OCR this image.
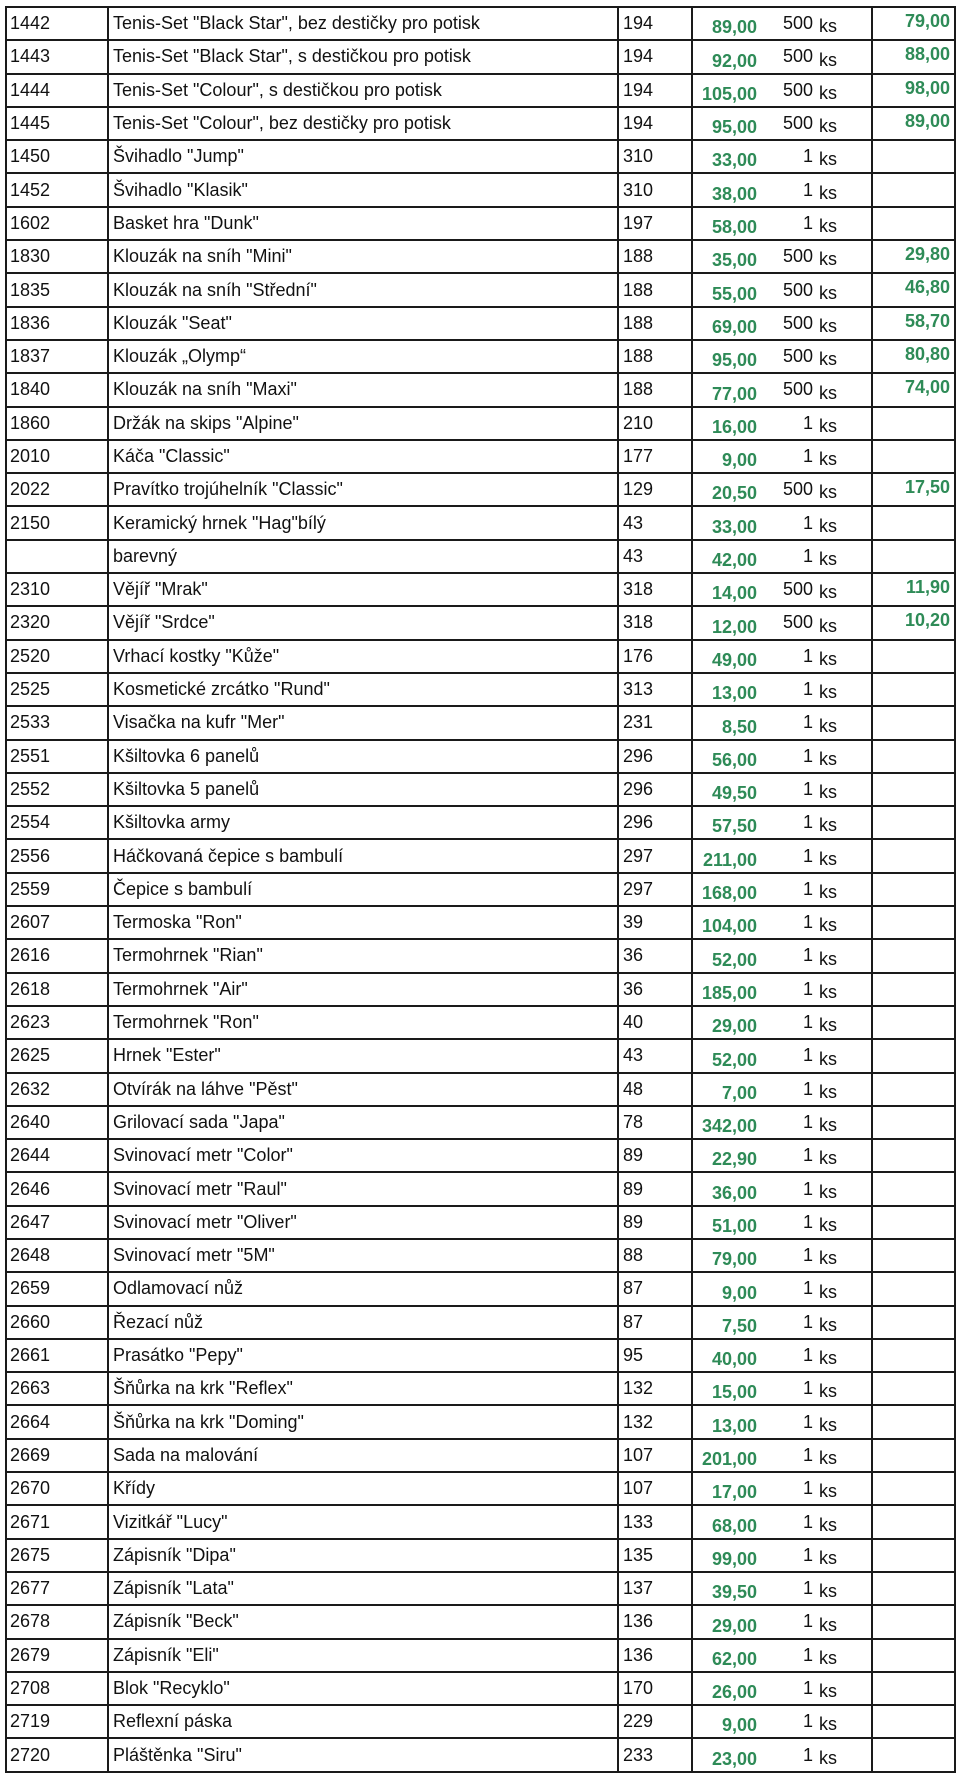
1442	Tenis-Set "Black Star", bez destičky pro potisk	194	89,00	500	ks	79,00
1443	Tenis-Set "Black Star", s destičkou pro potisk	194	92,00	500	ks	88,00
1444	Tenis-Set "Colour", s destičkou pro potisk	194	105,00	500	ks	98,00
1445	Tenis-Set "Colour", bez destičky pro potisk	194	95,00	500	ks	89,00
1450	Švihadlo "Jump"	310	33,00	1	ks	
1452	Švihadlo "Klasik"	310	38,00	1	ks	
1602	Basket hra "Dunk"	197	58,00	1	ks	
1830	Klouzák na sníh "Mini"	188	35,00	500	ks	29,80
1835	Klouzák na sníh "Střední"	188	55,00	500	ks	46,80
1836	Klouzák "Seat"	188	69,00	500	ks	58,70
1837	Klouzák „Olymp“	188	95,00	500	ks	80,80
1840	Klouzák na sníh "Maxi"	188	77,00	500	ks	74,00
1860	Držák na skips "Alpine"	210	16,00	1	ks	
2010	Káča "Classic"	177	9,00	1	ks	
2022	Pravítko trojúhelník "Classic"	129	20,50	500	ks	17,50
2150	Keramický hrnek "Hag"bílý	43	33,00	1	ks	
	barevný	43	42,00	1	ks	
2310	Vějíř "Mrak"	318	14,00	500	ks	11,90
2320	Vějíř "Srdce"	318	12,00	500	ks	10,20
2520	Vrhací kostky "Kůže"	176	49,00	1	ks	
2525	Kosmetické zrcátko "Rund"	313	13,00	1	ks	
2533	Visačka na kufr "Mer"	231	8,50	1	ks	
2551	Kšiltovka 6 panelů	296	56,00	1	ks	
2552	Kšiltovka 5 panelů	296	49,50	1	ks	
2554	Kšiltovka army	296	57,50	1	ks	
2556	Háčkovaná čepice s bambulí	297	211,00	1	ks	
2559	Čepice s bambulí	297	168,00	1	ks	
2607	Termoska "Ron"	39	104,00	1	ks	
2616	Termohrnek "Rian"	36	52,00	1	ks	
2618	Termohrnek "Air"	36	185,00	1	ks	
2623	Termohrnek "Ron"	40	29,00	1	ks	
2625	Hrnek "Ester"	43	52,00	1	ks	
2632	Otvírák na láhve "Pěst"	48	7,00	1	ks	
2640	Grilovací sada "Japa"	78	342,00	1	ks	
2644	Svinovací metr "Color"	89	22,90	1	ks	
2646	Svinovací metr "Raul"	89	36,00	1	ks	
2647	Svinovací metr "Oliver"	89	51,00	1	ks	
2648	Svinovací metr "5M"	88	79,00	1	ks	
2659	Odlamovací nůž	87	9,00	1	ks	
2660	Řezací nůž	87	7,50	1	ks	
2661	Prasátko "Pepy"	95	40,00	1	ks	
2663	Šňůrka na krk "Reflex"	132	15,00	1	ks	
2664	Šňůrka na krk "Doming"	132	13,00	1	ks	
2669	Sada na malování	107	201,00	1	ks	
2670	Křídy	107	17,00	1	ks	
2671	Vizitkář "Lucy"	133	68,00	1	ks	
2675	Zápisník "Dipa"	135	99,00	1	ks	
2677	Zápisník "Lata"	137	39,50	1	ks	
2678	Zápisník "Beck"	136	29,00	1	ks	
2679	Zápisník "Eli"	136	62,00	1	ks	
2708	Blok "Recyklo"	170	26,00	1	ks	
2719	Reflexní páska	229	9,00	1	ks	
2720	Pláštěnka "Siru"	233	23,00	1	ks	
